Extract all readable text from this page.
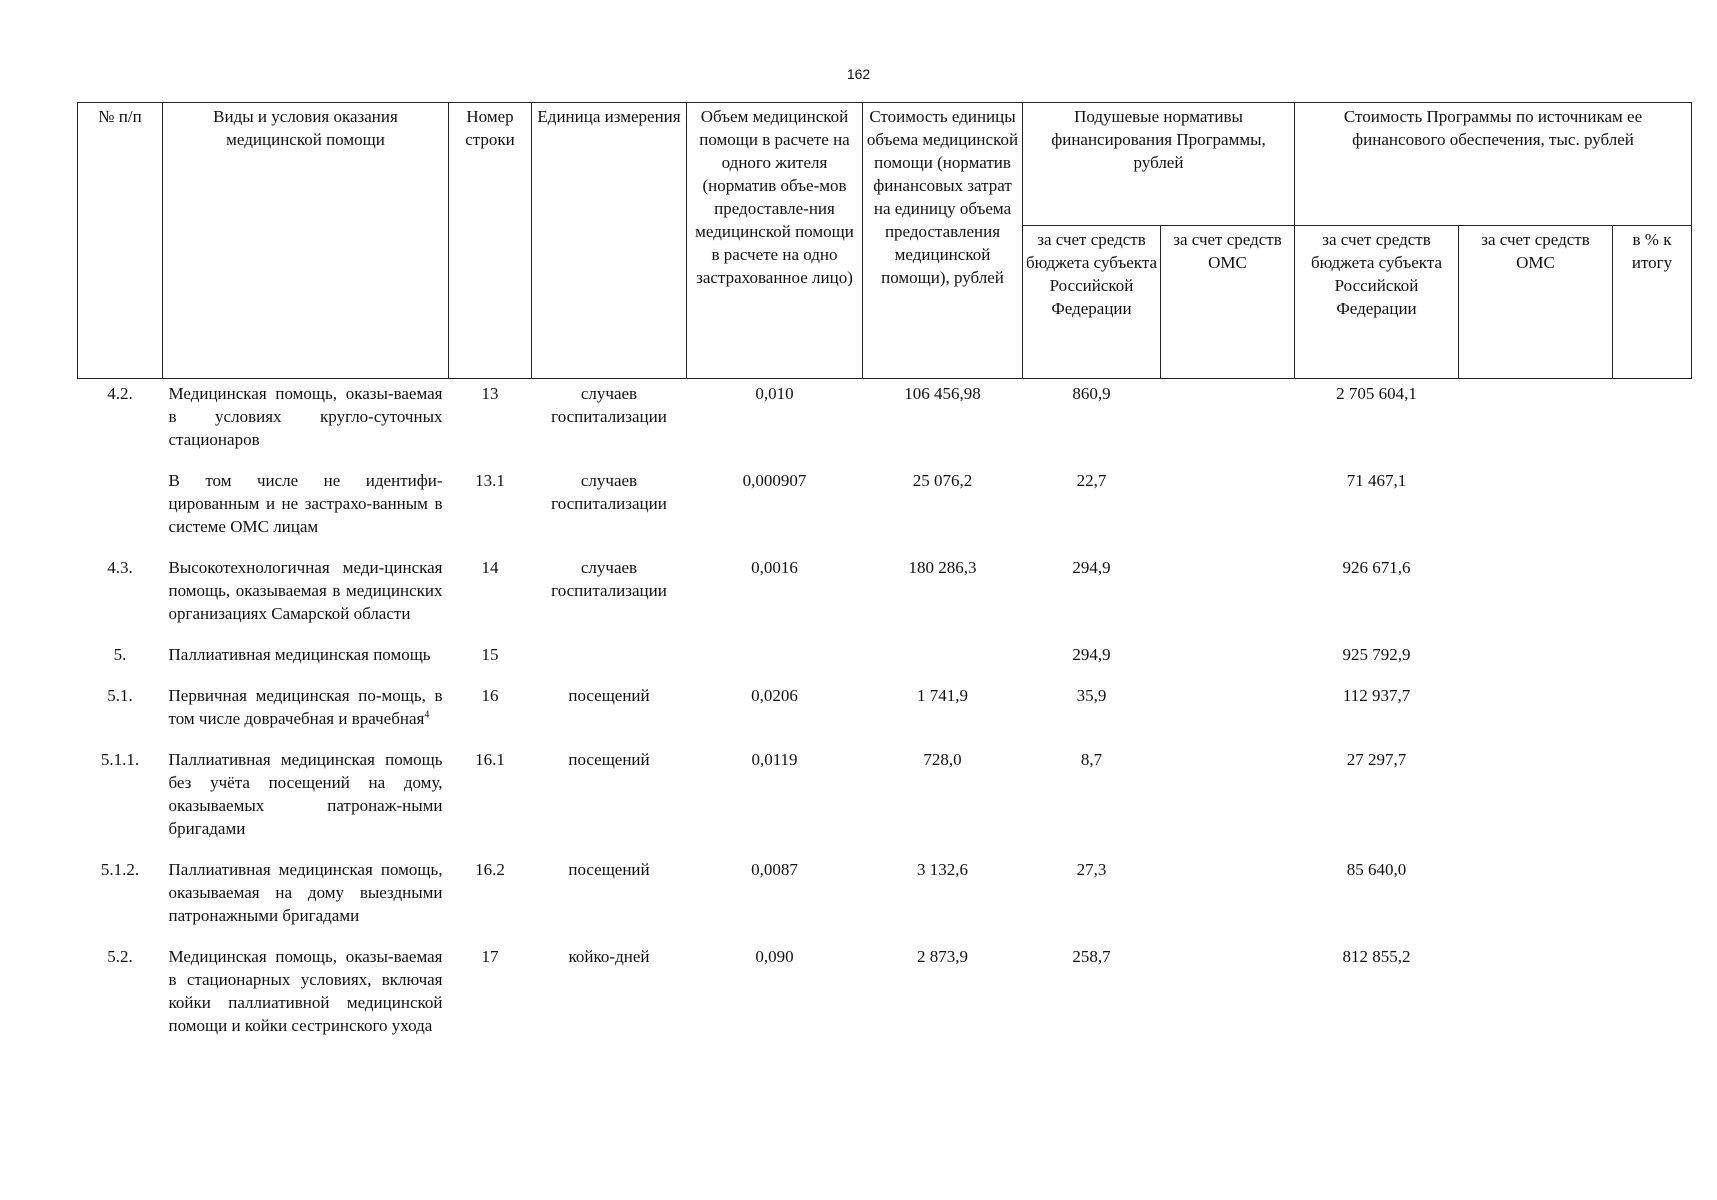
162
№ п/п	Виды и условия оказания медицинской помощи	Номер строки	Единица измерения	Объем медицинской помощи в расчете на одного жителя (норматив объе-мов предоставле-ния медицинской помощи в расчете на одно застрахованное лицо)	Стоимость единицы объема медицинской помощи (норматив финансовых затрат на единицу объема предоставления медицинской помощи), рублей	Подушевые нормативы финансирования Программы, рублей		Стоимость Программы по источникам ее финансового обеспечения, тыс. рублей		
						за счет средств бюджета субъекта Российской Федерации	за счет средств ОМС	за счет средств бюджета субъекта Российской Федерации	за счет средств ОМС	в % к итогу
4.2.	Медицинская помощь, оказы-ваемая в условиях кругло-суточных стационаров	13	случаев госпитализации	0,010	106 456,98	860,9		2 705 604,1		
	В том числе не идентифи-цированным и не застрахо-ванным в системе ОМС лицам	13.1	случаев госпитализации	0,000907	25 076,2	22,7		71 467,1		
4.3.	Высокотехнологичная меди-цинская помощь, оказываемая в медицинских организациях Самарской области	14	случаев госпитализации	0,0016	180 286,3	294,9		926 671,6		
5.	Паллиативная медицинская помощь	15				294,9		925 792,9		
5.1.	Первичная медицинская по-мощь, в том числе доврачебная и врачебная$^4$	16	посещений	0,0206	1 741,9	35,9		112 937,7		
5.1.1.	Паллиативная медицинская помощь без учёта посещений на дому, оказываемых патронаж-ными бригадами	16.1	посещений	0,0119	728,0	8,7		27 297,7		
5.1.2.	Паллиативная медицинская помощь, оказываемая на дому выездными патронажными бригадами	16.2	посещений	0,0087	3 132,6	27,3		85 640,0		
5.2.	Медицинская помощь, оказы-ваемая в стационарных условиях, включая койки паллиативной медицинской помощи и койки сестринского ухода	17	койко-дней	0,090	2 873,9	258,7		812 855,2		
